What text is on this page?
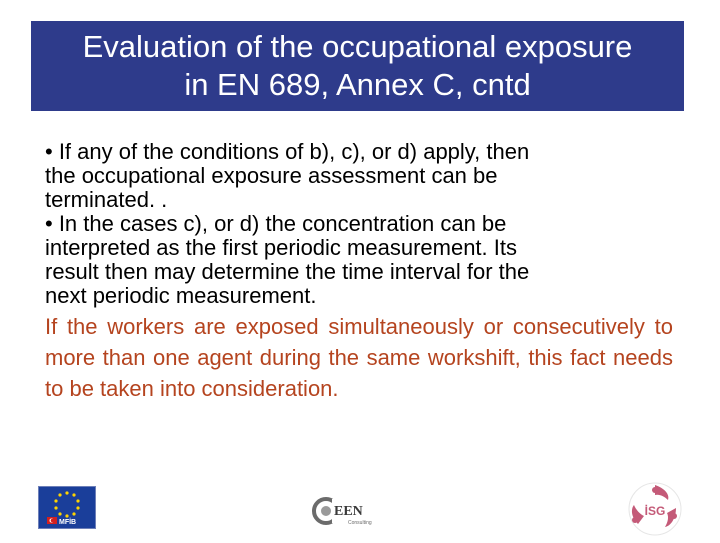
Evaluation of the occupational exposure
in EN 689, Annex C, cntd

• If any of the conditions of b), c), or d) apply, then

the occupational exposure assessment can be

terminated. .

• In the cases c), or d) the concentration can be

interpreted as the first periodic measurement. Its

result then may determine the time interval for the

next periodic measurement.

If the workers are exposed simultaneously or consecutively to more than one agent during the same workshift, this fact needs to be taken into consideration.

MFİB
EEN
Consulting
İSG
